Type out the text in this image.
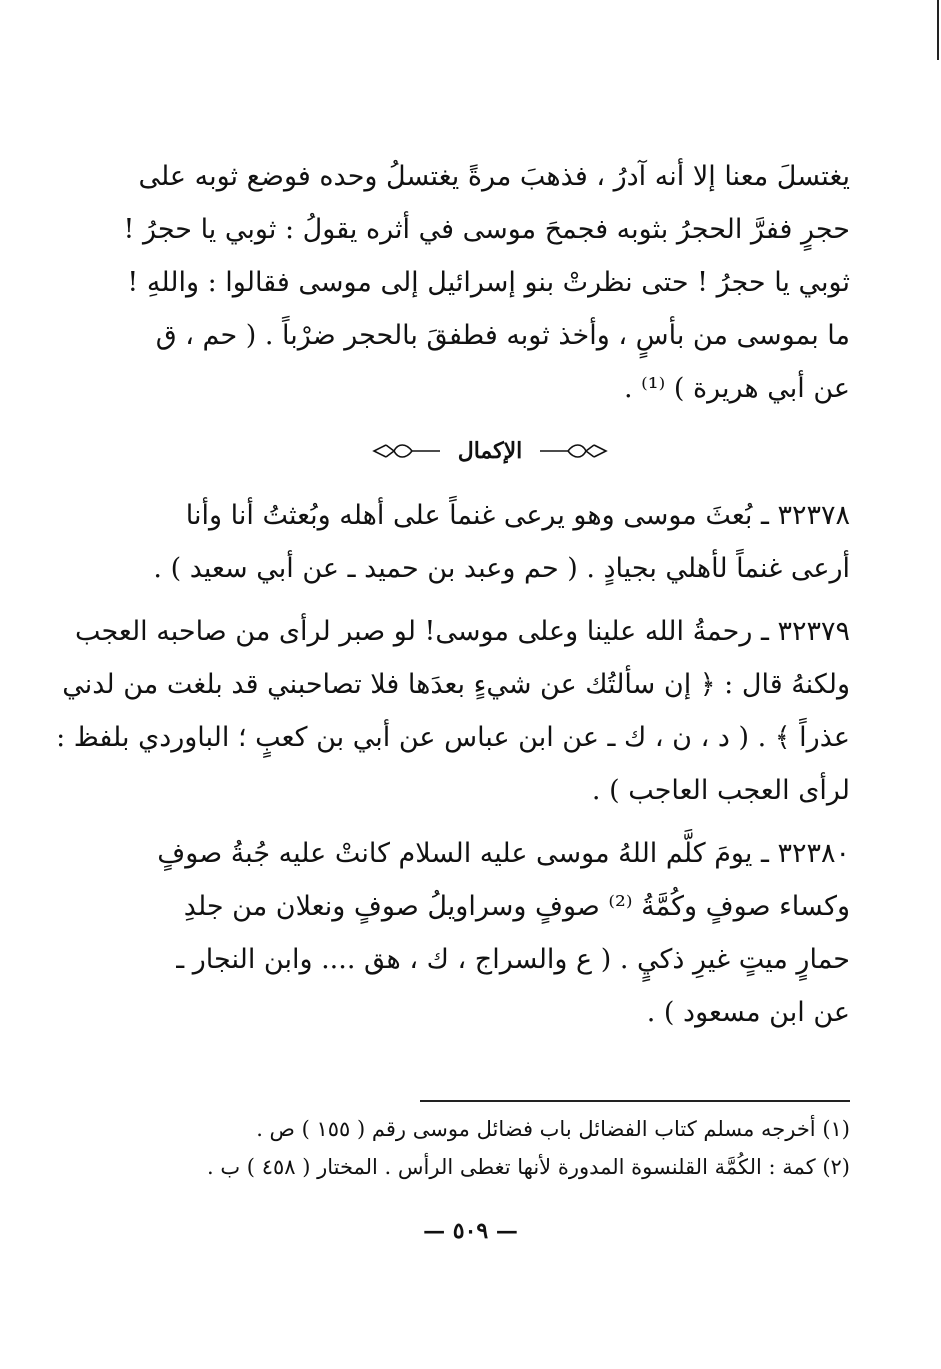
يغتسلَ معنا إلا أنه آدرُ ، فذهبَ مرةً يغتسلُ وحده فوضع ثوبه على

حجرٍ ففرَّ الحجرُ بثوبه فجمحَ موسى في أثره يقولُ : ثوبي يا حجرُ !

ثوبي يا حجرُ ! حتى نظرتْ بنو إسرائيل إلى موسى فقالوا : واللهِ !

ما بموسى من بأسٍ ، وأخذ ثوبه فطفقَ بالحجر ضرْباً . ( حم ، ق

عن أبي هريرة ) ⁽¹⁾ .

الإكمال

٣٢٣٧٨ ـ بُعثَ موسى وهو يرعى غنماً على أهله وبُعثتُ أنا وأنا

أرعى غنماً لأهلي بجيادٍ . ( حم وعبد بن حميد ـ عن أبي سعيد ) .

٣٢٣٧٩ ـ رحمةُ الله علينا وعلى موسى! لو صبر لرأى من صاحبه العجب

ولكنهُ قال : ﴿ إن سألتُك عن شيءٍ بعدَها فلا تصاحبني قد بلغت من لدني

عذراً ﴾ . ( د ، ن ، ك ـ عن ابن عباس عن أبي بن كعبٍ ؛ الباوردي بلفظ :

لرأى العجب العاجب ) .

٣٢٣٨٠ ـ يومَ كلَّم اللهُ موسى عليه السلام كانتْ عليه جُبةُ صوفٍ

وكساء صوفٍ وكُمَّةُ ⁽²⁾ صوفٍ وسراويلُ صوفٍ ونعلان من جلدِ

حمارٍ ميتٍ غيرِ ذكيٍ . ( ع والسراج ، ك ، هق .... وابن النجار ـ

عن ابن مسعود ) .

(١) أخرجه مسلم كتاب الفضائل باب فضائل موسى رقم ( ١٥٥ ) ص .

(٢) كمة : الكُمَّة القلنسوة المدورة لأنها تغطى الرأس . المختار ( ٤٥٨ ) ب .

— ٥٠٩ —
